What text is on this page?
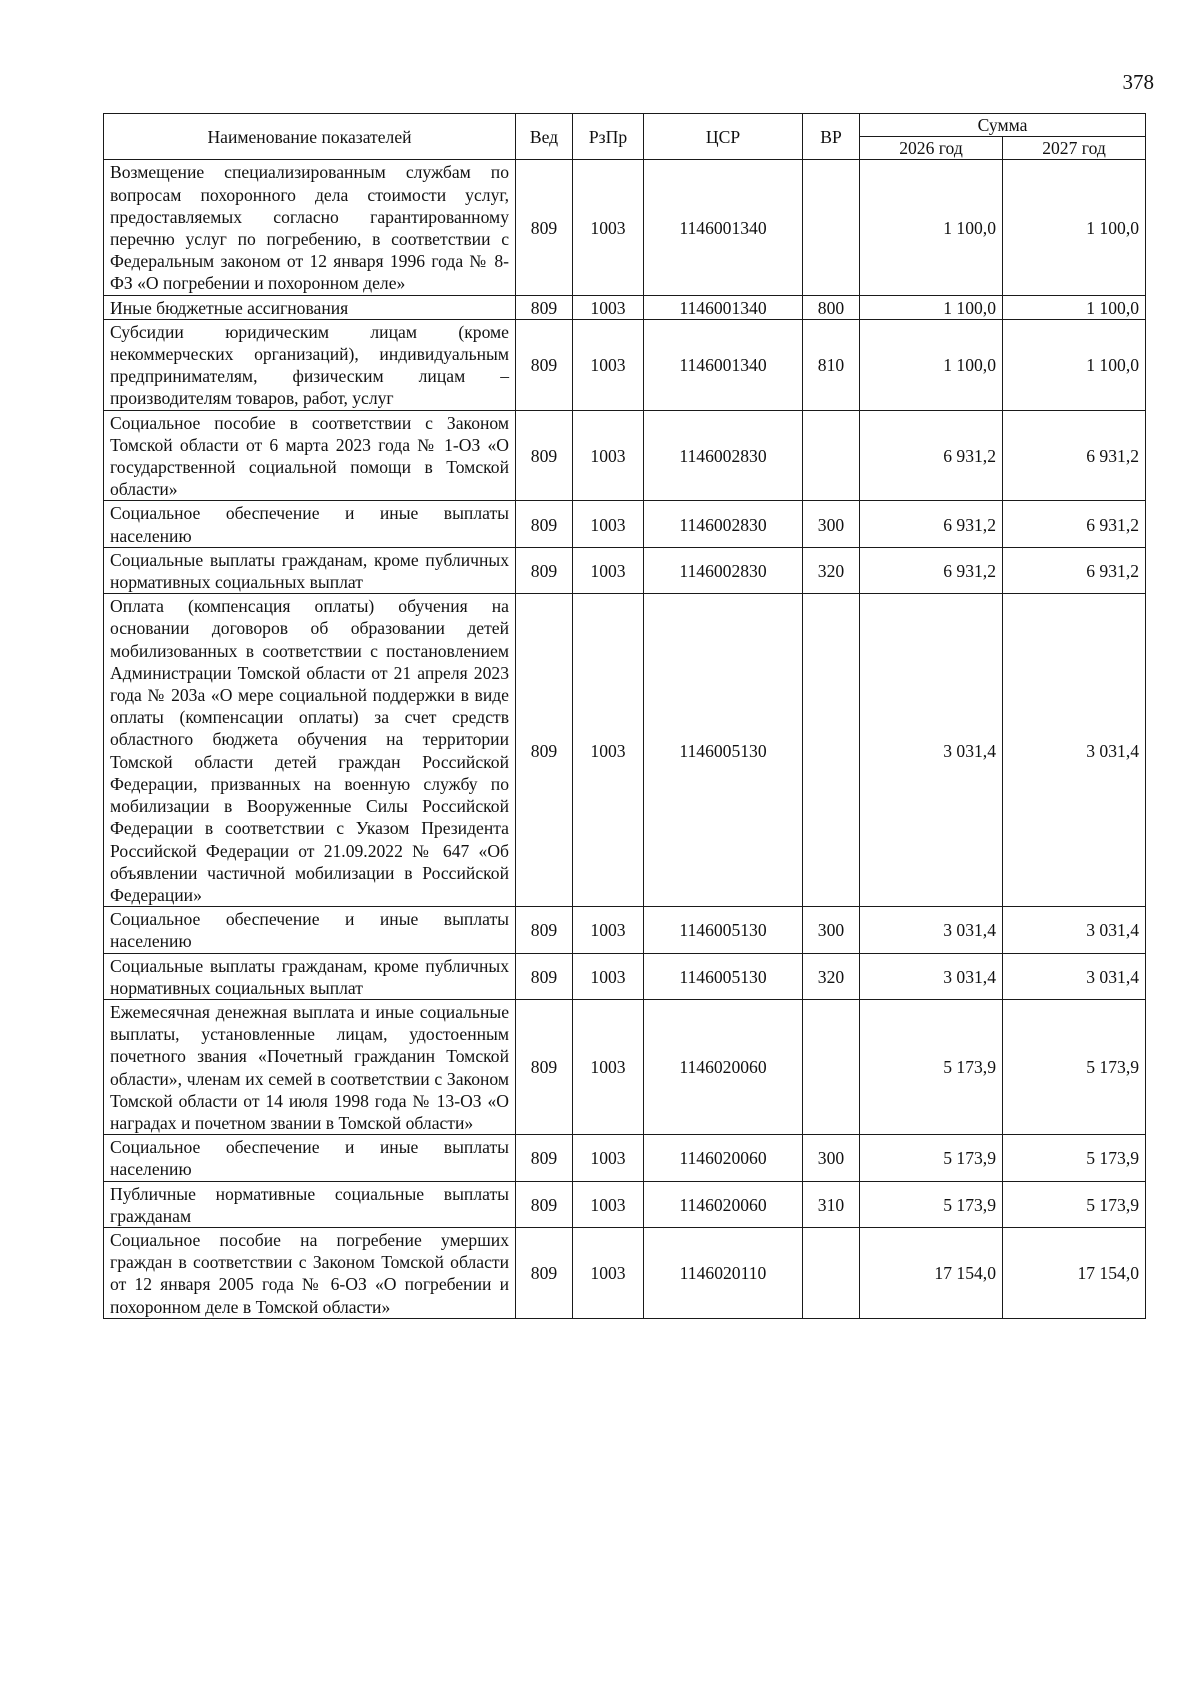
378
Наименование показателей	Вед	РзПр	ЦСР	ВР	Сумма	
					2026 год	2027 год
Возмещение специализированным службам по вопросам похоронного дела стоимости услуг, предоставляемых согласно гарантированному перечню услуг по погребению, в соответствии с Федеральным законом от 12 января 1996 года № 8-ФЗ «О погребении и похоронном деле»	809	1003	1146001340		1 100,0	1 100,0
Иные бюджетные ассигнования	809	1003	1146001340	800	1 100,0	1 100,0
Субсидии юридическим лицам (кроме некоммерческих организаций), индивидуальным предпринимателям, физическим лицам – производителям товаров, работ, услуг	809	1003	1146001340	810	1 100,0	1 100,0
Социальное пособие в соответствии с Законом Томской области от 6 марта 2023 года № 1-ОЗ «О государственной социальной помощи в Томской области»	809	1003	1146002830		6 931,2	6 931,2
Социальное обеспечение и иные выплаты населению	809	1003	1146002830	300	6 931,2	6 931,2
Социальные выплаты гражданам, кроме публичных нормативных социальных выплат	809	1003	1146002830	320	6 931,2	6 931,2
Оплата (компенсация оплаты) обучения на основании договоров об образовании детей мобилизованных в соответствии с постановлением Администрации Томской области от 21 апреля 2023 года № 203а «О мере социальной поддержки в виде оплаты (компенсации оплаты) за счет средств областного бюджета обучения на территории Томской области детей граждан Российской Федерации, призванных на военную службу по мобилизации в Вооруженные Силы Российской Федерации в соответствии с Указом Президента Российской Федерации от 21.09.2022 № 647 «Об объявлении частичной мобилизации в Российской Федерации»	809	1003	1146005130		3 031,4	3 031,4
Социальное обеспечение и иные выплаты населению	809	1003	1146005130	300	3 031,4	3 031,4
Социальные выплаты гражданам, кроме публичных нормативных социальных выплат	809	1003	1146005130	320	3 031,4	3 031,4
Ежемесячная денежная выплата и иные социальные выплаты, установленные лицам, удостоенным почетного звания «Почетный гражданин Томской области», членам их семей в соответствии с Законом Томской области от 14 июля 1998 года № 13-ОЗ «О наградах и почетном звании в Томской области»	809	1003	1146020060		5 173,9	5 173,9
Социальное обеспечение и иные выплаты населению	809	1003	1146020060	300	5 173,9	5 173,9
Публичные нормативные социальные выплаты гражданам	809	1003	1146020060	310	5 173,9	5 173,9
Социальное пособие на погребение умерших граждан в соответствии с Законом Томской области от 12 января 2005 года № 6-ОЗ «О погребении и похоронном деле в Томской области»	809	1003	1146020110		17 154,0	17 154,0
